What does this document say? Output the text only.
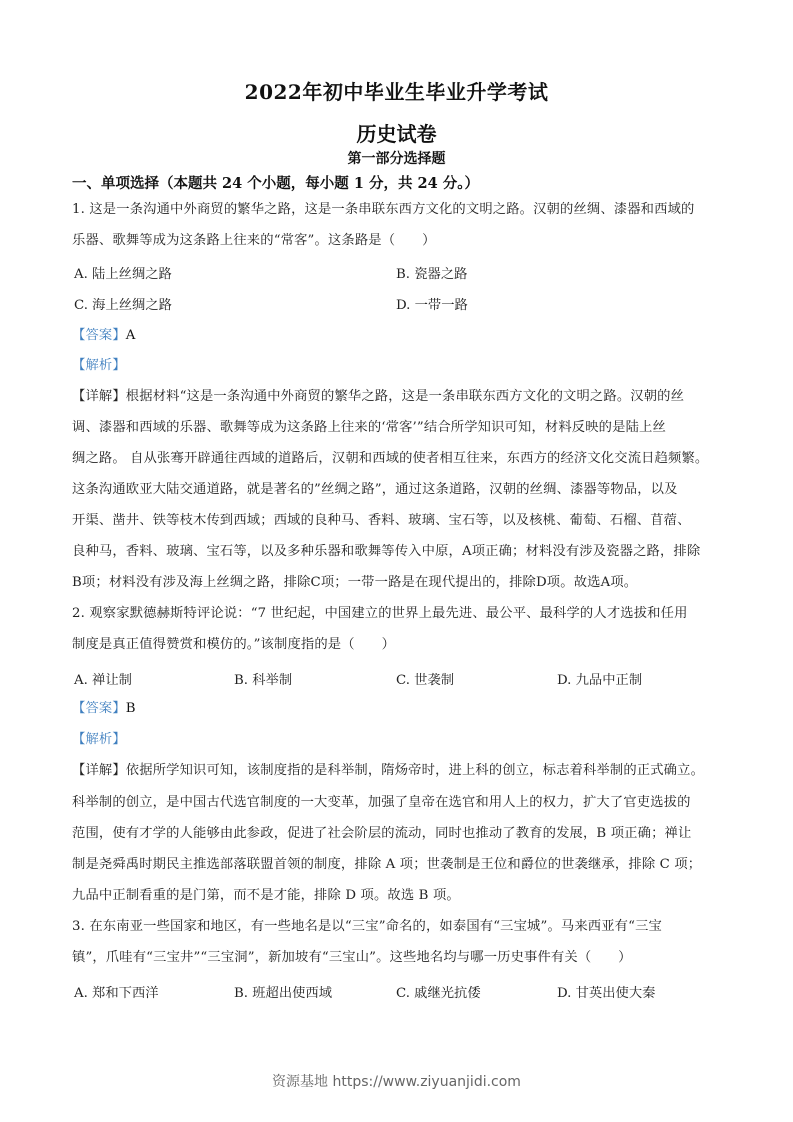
2022年初中毕业生毕业升学考试
历史试卷
第一部分选择题
一、单项选择（本题共 24 个小题，每小题 1 分，共 24 分。）
1. 这是一条沟通中外商贸的繁华之路，这是一条串联东西方文化的文明之路。汉朝的丝绸、漆器和西域的
乐器、歌舞等成为这条路上往来的“常客”。这条路是（　　）
A. 陆上丝绸之路	B. 瓷器之路
C. 海上丝绸之路	D. 一带一路
【答案】A
【解析】
【详解】根据材料“这是一条沟通中外商贸的繁华之路，这是一条串联东西方文化的文明之路。汉朝的丝
调、漆器和西域的乐器、歌舞等成为这条路上往来的‘常客’”结合所学知识可知，材料反映的是陆上丝
绸之路。 自从张骞开辟通往西域的道路后，汉朝和西域的使者相互往来，东西方的经济文化交流日趋频繁。
这条沟通欧亚大陆交通道路，就是著名的”丝绸之路”，通过这条道路，汉朝的丝绸、漆器等物品，以及
开渠、凿井、铁等枝木传到西域；西域的良种马、香料、玻璃、宝石等，以及核桃、葡萄、石榴、苜蓿、
良种马，香料、玻璃、宝石等，以及多种乐器和歌舞等传入中原，A项正确；材料没有涉及瓷器之路，排除
B项；材料没有涉及海上丝绸之路，排除C项；一带一路是在现代提出的，排除D项。故选A项。
2. 观察家默德赫斯特评论说：“7 世纪起，中国建立的世界上最先进、最公平、最科学的人才选拔和任用
制度是真正值得赞赏和模仿的。”该制度指的是（　　）
A. 禅让制	B. 科举制	C. 世袭制	D. 九品中正制
【答案】B
【解析】
【详解】依据所学知识可知，该制度指的是科举制，隋炀帝时，进上科的创立，标志着科举制的正式确立。
科举制的创立，是中国古代选官制度的一大变革，加强了皇帝在选官和用人上的权力，扩大了官吏选拔的
范围，使有才学的人能够由此参政，促进了社会阶层的流动，同时也推动了教育的发展，B 项正确；禅让
制是尧舜禹时期民主推选部落联盟首领的制度，排除 A 项；世袭制是王位和爵位的世袭继承，排除 C 项；
九品中正制看重的是门第，而不是才能，排除 D 项。故选 B 项。
3. 在东南亚一些国家和地区，有一些地名是以“三宝”命名的，如泰国有“三宝城”。马来西亚有“三宝
镇”，爪哇有“三宝井”“三宝洞”，新加坡有“三宝山”。这些地名均与哪一历史事件有关（　　）
A. 郑和下西洋	B. 班超出使西域	C. 戚继光抗倭	D. 甘英出使大秦
资源基地 https://www.ziyuanjidi.com
